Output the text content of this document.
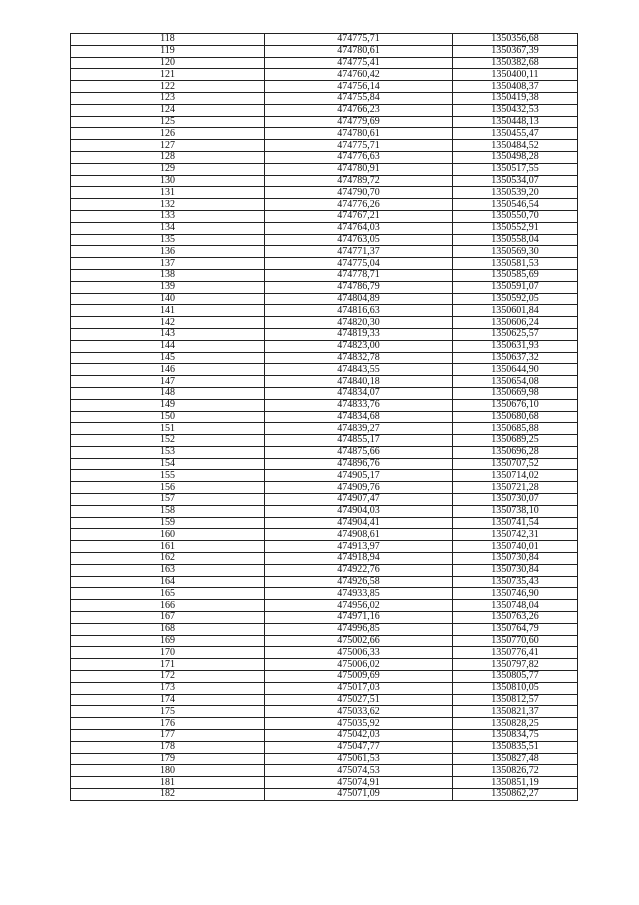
118	474775,71	1350356,68
119	474780,61	1350367,39
120	474775,41	1350382,68
121	474760,42	1350400,11
122	474756,14	1350408,37
123	474755,84	1350419,38
124	474766,23	1350432,53
125	474779,69	1350448,13
126	474780,61	1350455,47
127	474775,71	1350484,52
128	474776,63	1350498,28
129	474780,91	1350517,55
130	474789,72	1350534,07
131	474790,70	1350539,20
132	474776,26	1350546,54
133	474767,21	1350550,70
134	474764,03	1350552,91
135	474763,05	1350558,04
136	474771,37	1350569,30
137	474775,04	1350581,53
138	474778,71	1350585,69
139	474786,79	1350591,07
140	474804,89	1350592,05
141	474816,63	1350601,84
142	474820,30	1350606,24
143	474819,33	1350625,57
144	474823,00	1350631,93
145	474832,78	1350637,32
146	474843,55	1350644,90
147	474840,18	1350654,08
148	474834,07	1350669,98
149	474833,76	1350676,10
150	474834,68	1350680,68
151	474839,27	1350685,88
152	474855,17	1350689,25
153	474875,66	1350696,28
154	474896,76	1350707,52
155	474905,17	1350714,02
156	474909,76	1350721,28
157	474907,47	1350730,07
158	474904,03	1350738,10
159	474904,41	1350741,54
160	474908,61	1350742,31
161	474913,97	1350740,01
162	474918,94	1350730,84
163	474922,76	1350730,84
164	474926,58	1350735,43
165	474933,85	1350746,90
166	474956,02	1350748,04
167	474971,16	1350763,26
168	474996,85	1350764,79
169	475002,66	1350770,60
170	475006,33	1350776,41
171	475006,02	1350797,82
172	475009,69	1350805,77
173	475017,03	1350810,05
174	475027,51	1350812,57
175	475033,62	1350821,37
176	475035,92	1350828,25
177	475042,03	1350834,75
178	475047,77	1350835,51
179	475061,53	1350827,48
180	475074,53	1350826,72
181	475074,91	1350851,19
182	475071,09	1350862,27
